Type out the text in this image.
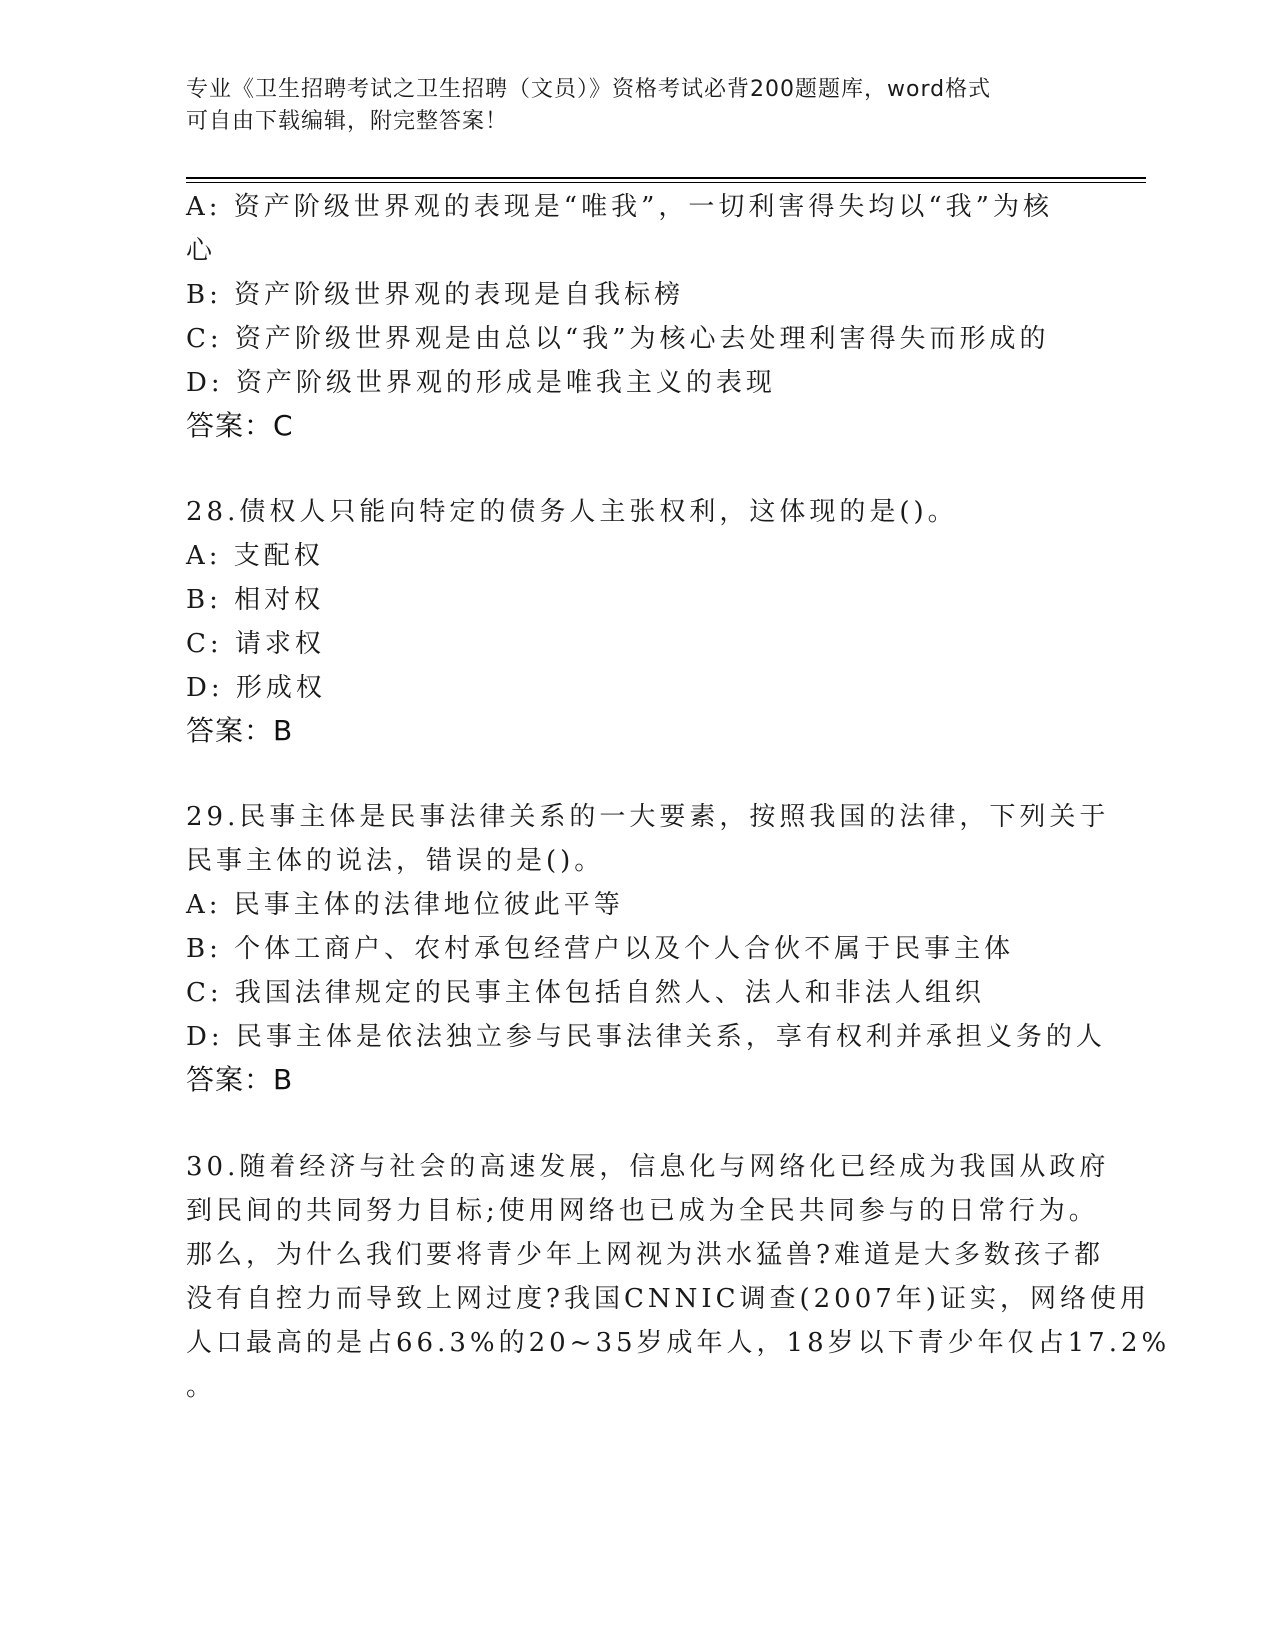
专业《卫生招聘考试之卫生招聘（文员）》资格考试必背200题题库，word格式
可自由下载编辑，附完整答案！
A: 资产阶级世界观的表现是“唯我”，一切利害得失均以“我”为核
心
B: 资产阶级世界观的表现是自我标榜
C: 资产阶级世界观是由总以“我”为核心去处理利害得失而形成的
D: 资产阶级世界观的形成是唯我主义的表现
答案：C
28.债权人只能向特定的债务人主张权利，这体现的是()。
A: 支配权
B: 相对权
C: 请求权
D: 形成权
答案：B
29.民事主体是民事法律关系的一大要素，按照我国的法律，下列关于
民事主体的说法，错误的是()。
A: 民事主体的法律地位彼此平等
B: 个体工商户、农村承包经营户以及个人合伙不属于民事主体
C: 我国法律规定的民事主体包括自然人、法人和非法人组织
D: 民事主体是依法独立参与民事法律关系，享有权利并承担义务的人
答案：B
30.随着经济与社会的高速发展，信息化与网络化已经成为我国从政府
到民间的共同努力目标;使用网络也已成为全民共同参与的日常行为。
那么，为什么我们要将青少年上网视为洪水猛兽?难道是大多数孩子都
没有自控力而导致上网过度?我国CNNIC调查(2007年)证实，网络使用
人口最高的是占66.3%的20~35岁成年人，18岁以下青少年仅占17.2%
。
